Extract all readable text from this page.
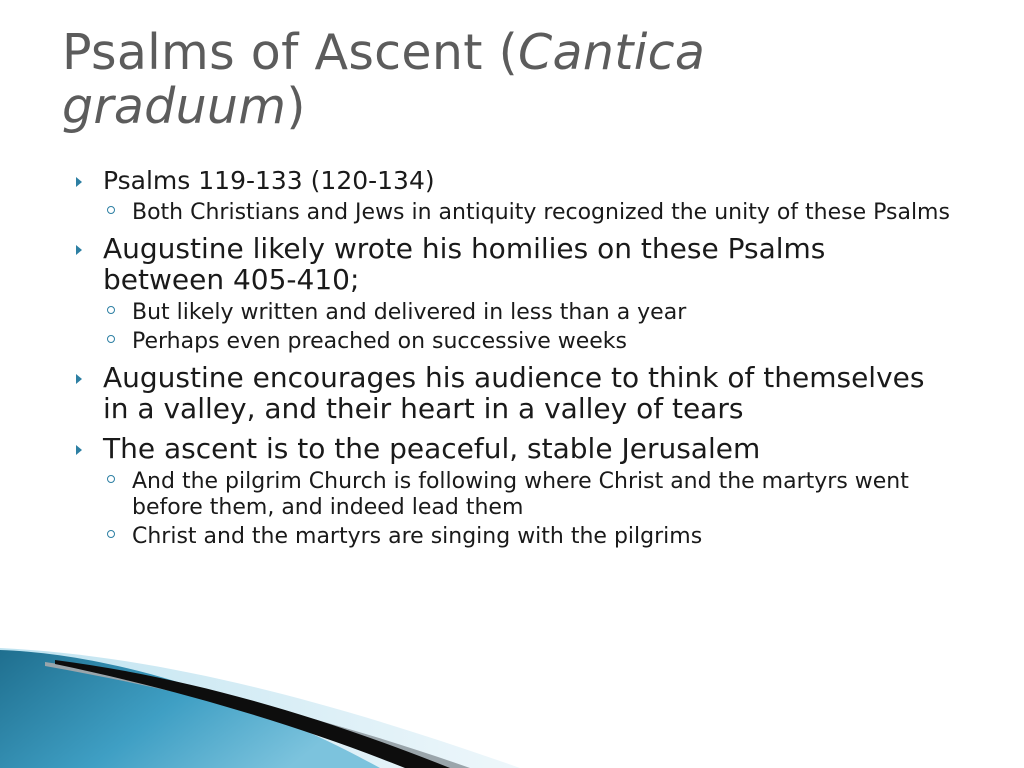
Psalms of Ascent (Cantica
graduum)
Psalms 119-133 (120-134)
Both Christians and Jews in antiquity recognized the unity of these Psalms
Augustine likely wrote his homilies on these Psalms between 405-410;
But likely written and delivered in less than a year
Perhaps even preached on successive weeks
Augustine encourages his audience to think of themselves in a valley, and their heart in a valley of tears
The ascent is to the peaceful, stable Jerusalem
And the pilgrim Church is following where Christ and the martyrs went before them, and indeed lead them
Christ and the martyrs are singing with the pilgrims
